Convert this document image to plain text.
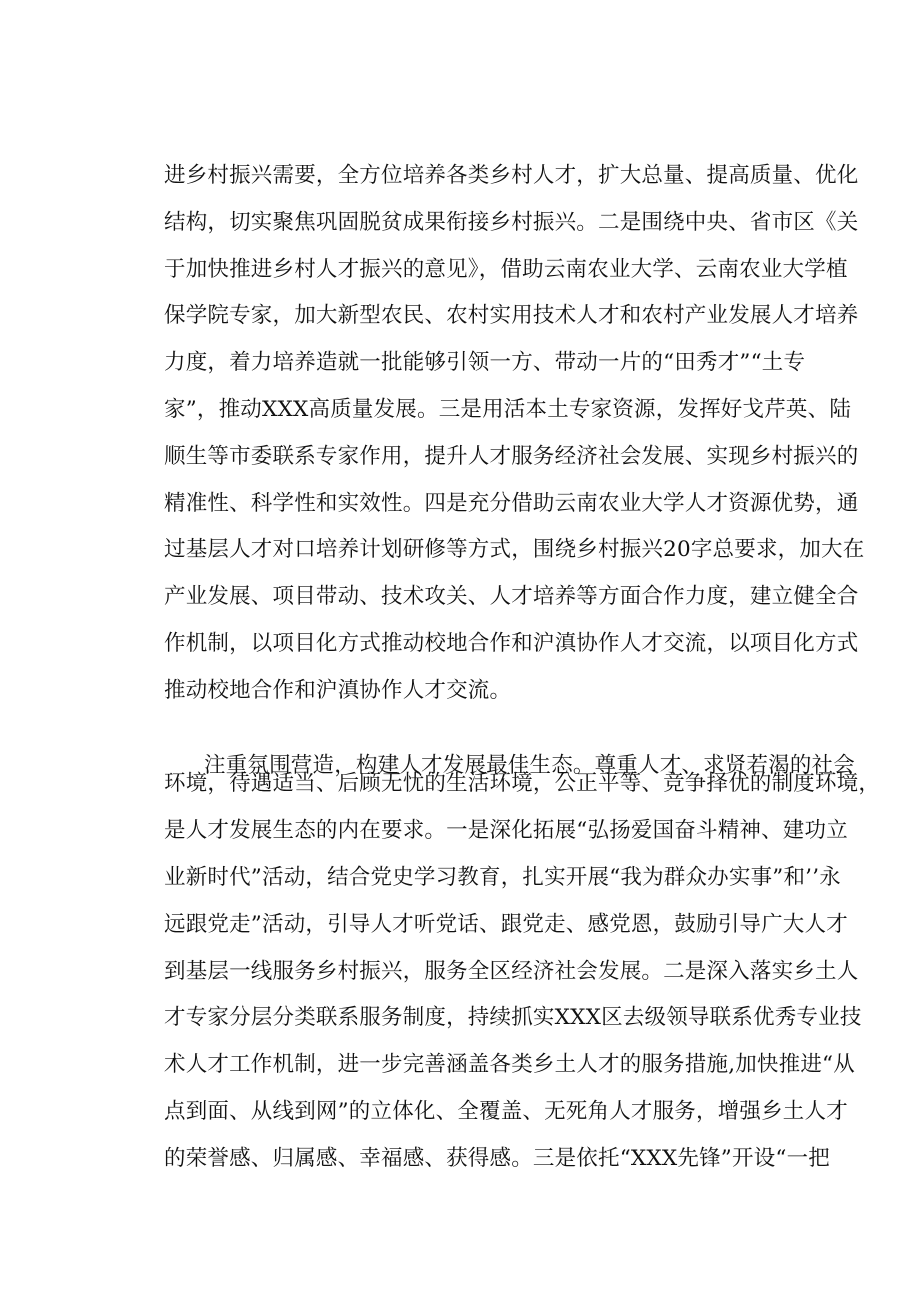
进乡村振兴需要，全方位培养各类乡村人才，扩大总量、提高质量、优化
结构，切实聚焦巩固脱贫成果衔接乡村振兴。二是围绕中央、省市区《关
于加快推进乡村人才振兴的意见》，借助云南农业大学、云南农业大学植
保学院专家，加大新型农民、农村实用技术人才和农村产业发展人才培养
力度，着力培养造就一批能够引领一方、带动一片的“田秀才”“土专
家”，推动XXX高质量发展。三是用活本土专家资源，发挥好戈芹英、陆
顺生等市委联系专家作用，提升人才服务经济社会发展、实现乡村振兴的
精准性、科学性和实效性。四是充分借助云南农业大学人才资源优势，通
过基层人才对口培养计划研修等方式，围绕乡村振兴20字总要求，加大在
产业发展、项目带动、技术攻关、人才培养等方面合作力度，建立健全合
作机制，以项目化方式推动校地合作和沪滇协作人才交流，以项目化方式
推动校地合作和沪滇协作人才交流。
注重氛围营造，构建人才发展最佳生态。尊重人才、求贤若渴的社会
环境，待遇适当、后顾无忧的生活环境，公正平等、竞争择优的制度环境，
是人才发展生态的内在要求。一是深化拓展“弘扬爱国奋斗精神、建功立
业新时代”活动，结合党史学习教育，扎实开展“我为群众办实事”和’’永
远跟党走”活动，引导人才听党话、跟党走、感党恩，鼓励引导广大人才
到基层一线服务乡村振兴，服务全区经济社会发展。二是深入落实乡土人
才专家分层分类联系服务制度，持续抓实XXX区去级领导联系优秀专业技
术人才工作机制，进一步完善涵盖各类乡土人才的服务措施,加快推进“从
点到面、从线到网”的立体化、全覆盖、无死角人才服务，增强乡土人才
的荣誉感、归属感、幸福感、获得感。三是依托“XXX先锋”开设“一把
